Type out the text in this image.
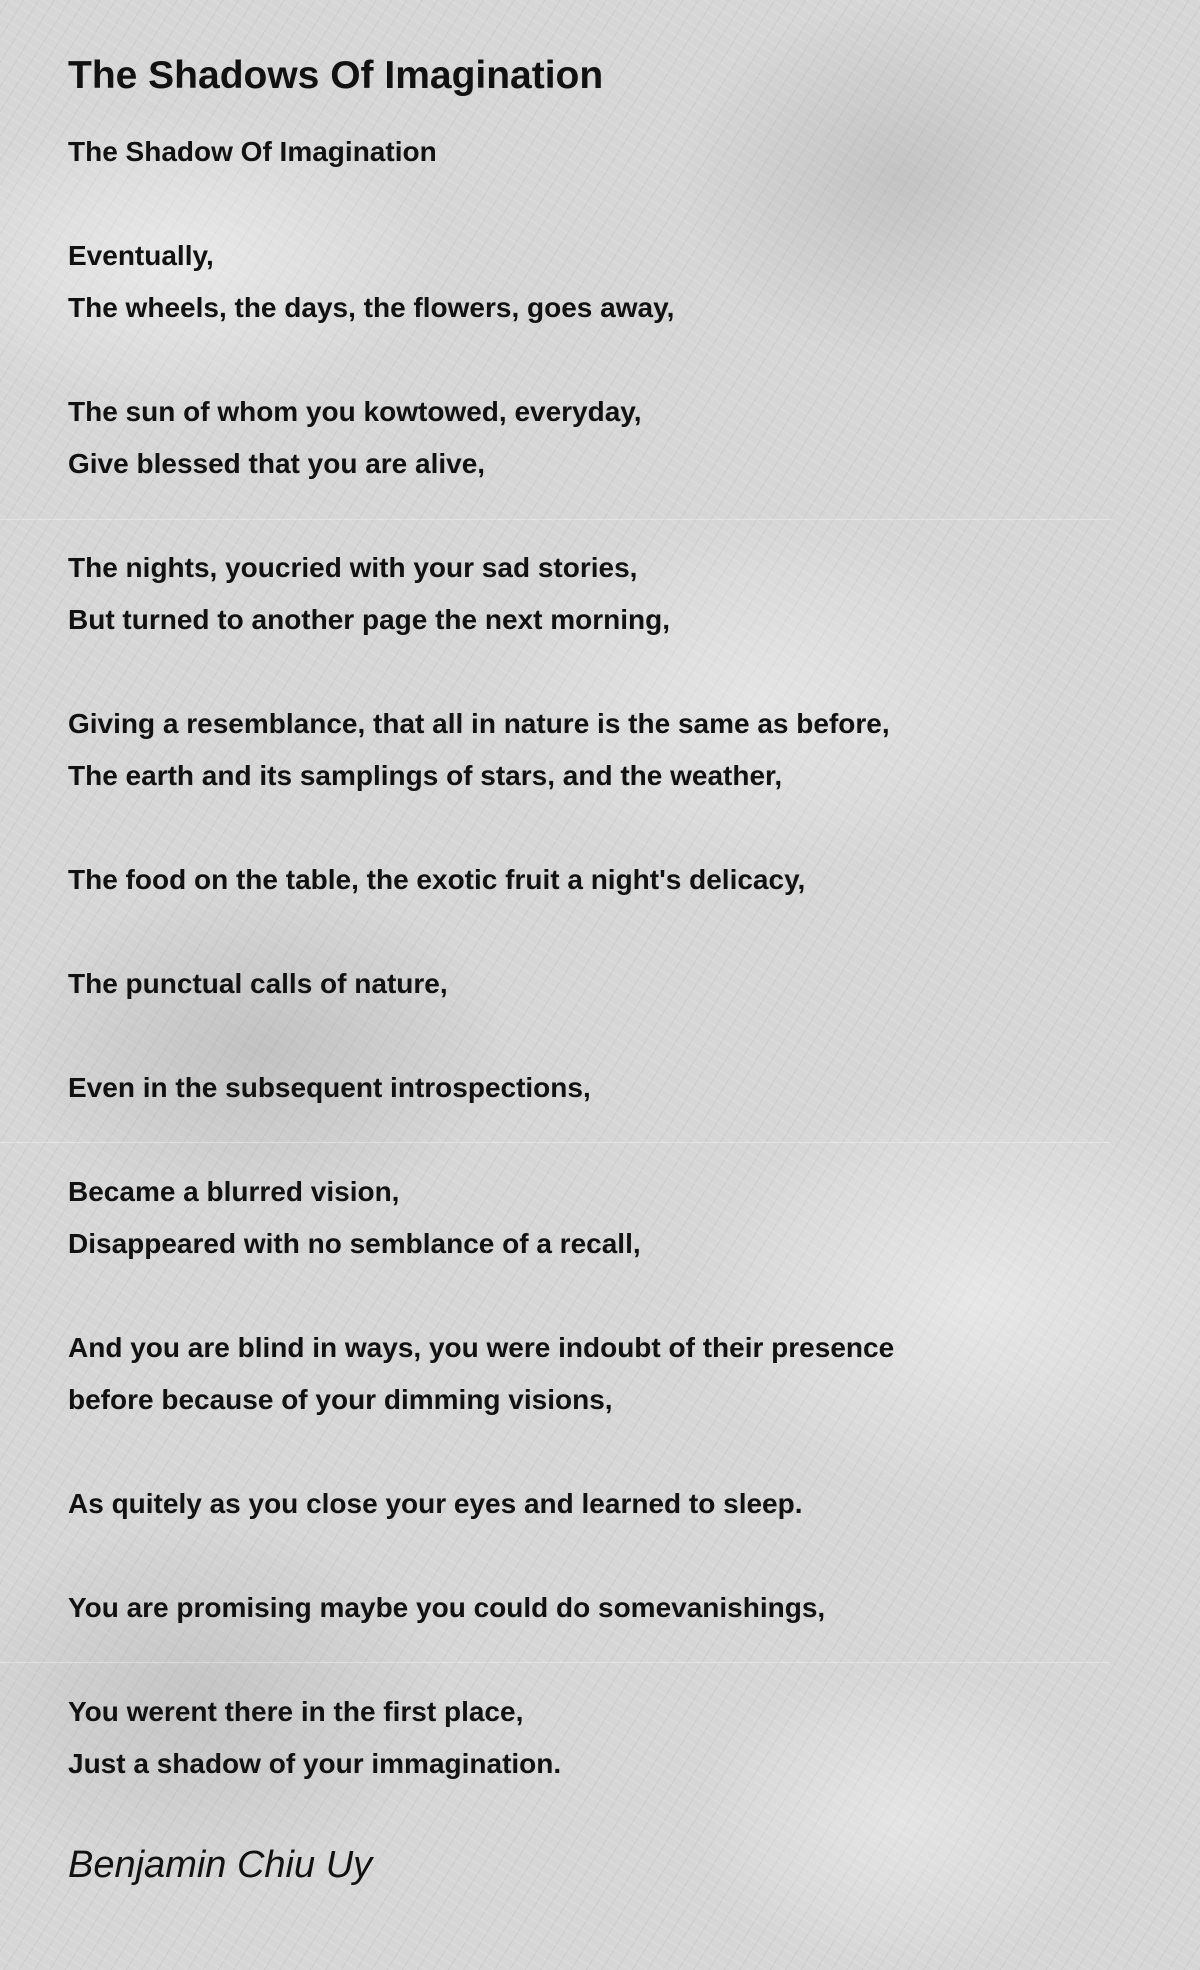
The Shadows Of Imagination
The Shadow Of Imagination
Eventually,
The wheels, the days, the flowers, goes away,
The sun of whom you kowtowed, everyday,
Give blessed that you are alive,
The nights, youcried with your sad stories,
But turned to another page the next morning,
Giving a resemblance, that all in nature is the same as before,
The earth and its samplings of stars, and the weather,
The food on the table, the exotic fruit a night's delicacy,
The punctual calls of nature,
Even in the subsequent introspections,
Became a blurred vision,
Disappeared with no semblance of a recall,
And you are blind in ways, you were indoubt of their presence
before because of your dimming visions,
As quitely as you close your eyes and learned to sleep.
You are promising maybe you could do somevanishings,
You werent there in the first place,
Just a shadow of your immagination.
Benjamin Chiu Uy
